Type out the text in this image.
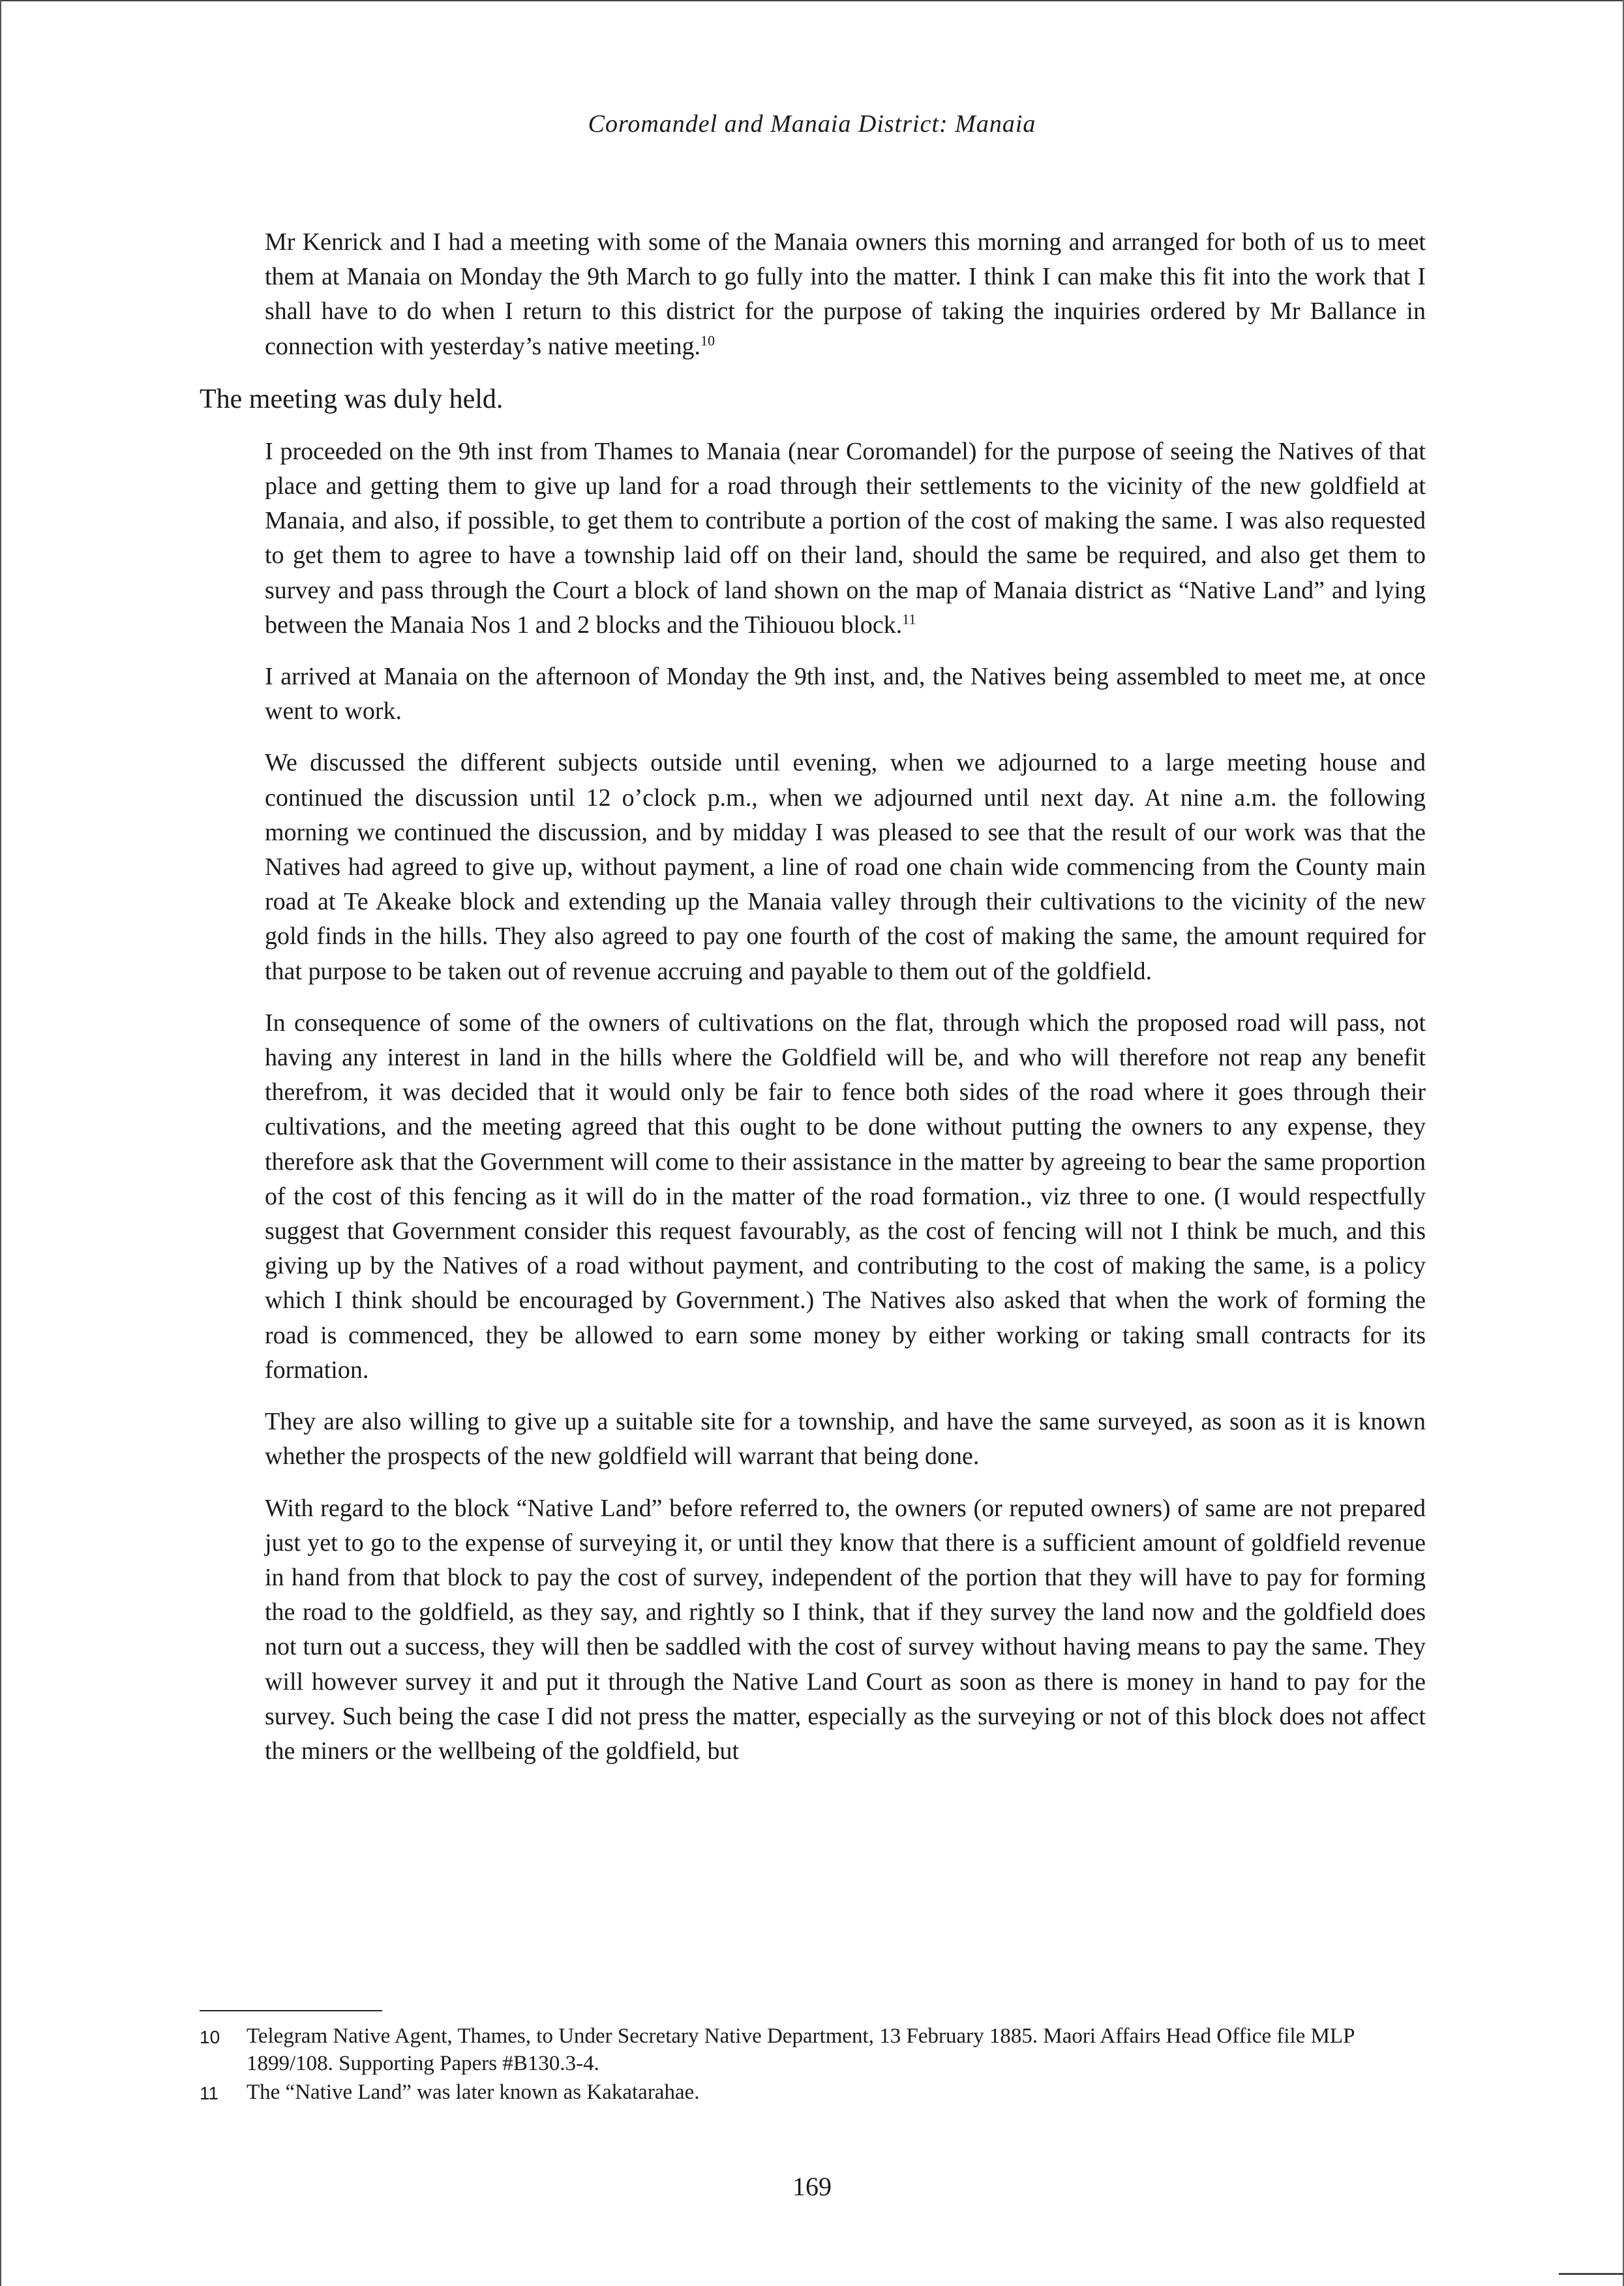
Coromandel and Manaia District: Manaia

Mr Kenrick and I had a meeting with some of the Manaia owners this morning and arranged for both of us to meet them at Manaia on Monday the 9th March to go fully into the matter. I think I can make this fit into the work that I shall have to do when I return to this district for the purpose of taking the inquiries ordered by Mr Ballance in connection with yesterday’s native meeting.$^{10}$

The meeting was duly held.

I proceeded on the 9th inst from Thames to Manaia (near Coromandel) for the purpose of seeing the Natives of that place and getting them to give up land for a road through their settlements to the vicinity of the new goldfield at Manaia, and also, if possible, to get them to contribute a portion of the cost of making the same. I was also requested to get them to agree to have a township laid off on their land, should the same be required, and also get them to survey and pass through the Court a block of land shown on the map of Manaia district as “Native Land” and lying between the Manaia Nos 1 and 2 blocks and the Tihiouou block.$^{11}$

I arrived at Manaia on the afternoon of Monday the 9th inst, and, the Natives being assembled to meet me, at once went to work.

We discussed the different subjects outside until evening, when we adjourned to a large meeting house and continued the discussion until 12 o’clock p.m., when we adjourned until next day. At nine a.m. the following morning we continued the discussion, and by midday I was pleased to see that the result of our work was that the Natives had agreed to give up, without payment, a line of road one chain wide commencing from the County main road at Te Akeake block and extending up the Manaia valley through their cultivations to the vicinity of the new gold finds in the hills. They also agreed to pay one fourth of the cost of making the same, the amount required for that purpose to be taken out of revenue accruing and payable to them out of the goldfield.

In consequence of some of the owners of cultivations on the flat, through which the proposed road will pass, not having any interest in land in the hills where the Goldfield will be, and who will therefore not reap any benefit therefrom, it was decided that it would only be fair to fence both sides of the road where it goes through their cultivations, and the meeting agreed that this ought to be done without putting the owners to any expense, they therefore ask that the Government will come to their assistance in the matter by agreeing to bear the same proportion of the cost of this fencing as it will do in the matter of the road formation., viz three to one. (I would respectfully suggest that Government consider this request favourably, as the cost of fencing will not I think be much, and this giving up by the Natives of a road without payment, and contributing to the cost of making the same, is a policy which I think should be encouraged by Government.) The Natives also asked that when the work of forming the road is commenced, they be allowed to earn some money by either working or taking small contracts for its formation.

They are also willing to give up a suitable site for a township, and have the same surveyed, as soon as it is known whether the prospects of the new goldfield will warrant that being done.

With regard to the block “Native Land” before referred to, the owners (or reputed owners) of same are not prepared just yet to go to the expense of surveying it, or until they know that there is a sufficient amount of goldfield revenue in hand from that block to pay the cost of survey, independent of the portion that they will have to pay for forming the road to the goldfield, as they say, and rightly so I think, that if they survey the land now and the goldfield does not turn out a success, they will then be saddled with the cost of survey without having means to pay the same. They will however survey it and put it through the Native Land Court as soon as there is money in hand to pay for the survey. Such being the case I did not press the matter, especially as the surveying or not of this block does not affect the miners or the wellbeing of the goldfield, but

10	Telegram Native Agent, Thames, to Under Secretary Native Department, 13 February 1885. Maori Affairs Head Office file MLP 1899/108. Supporting Papers #B130.3-4.
11	The “Native Land” was later known as Kakatarahae.
169
